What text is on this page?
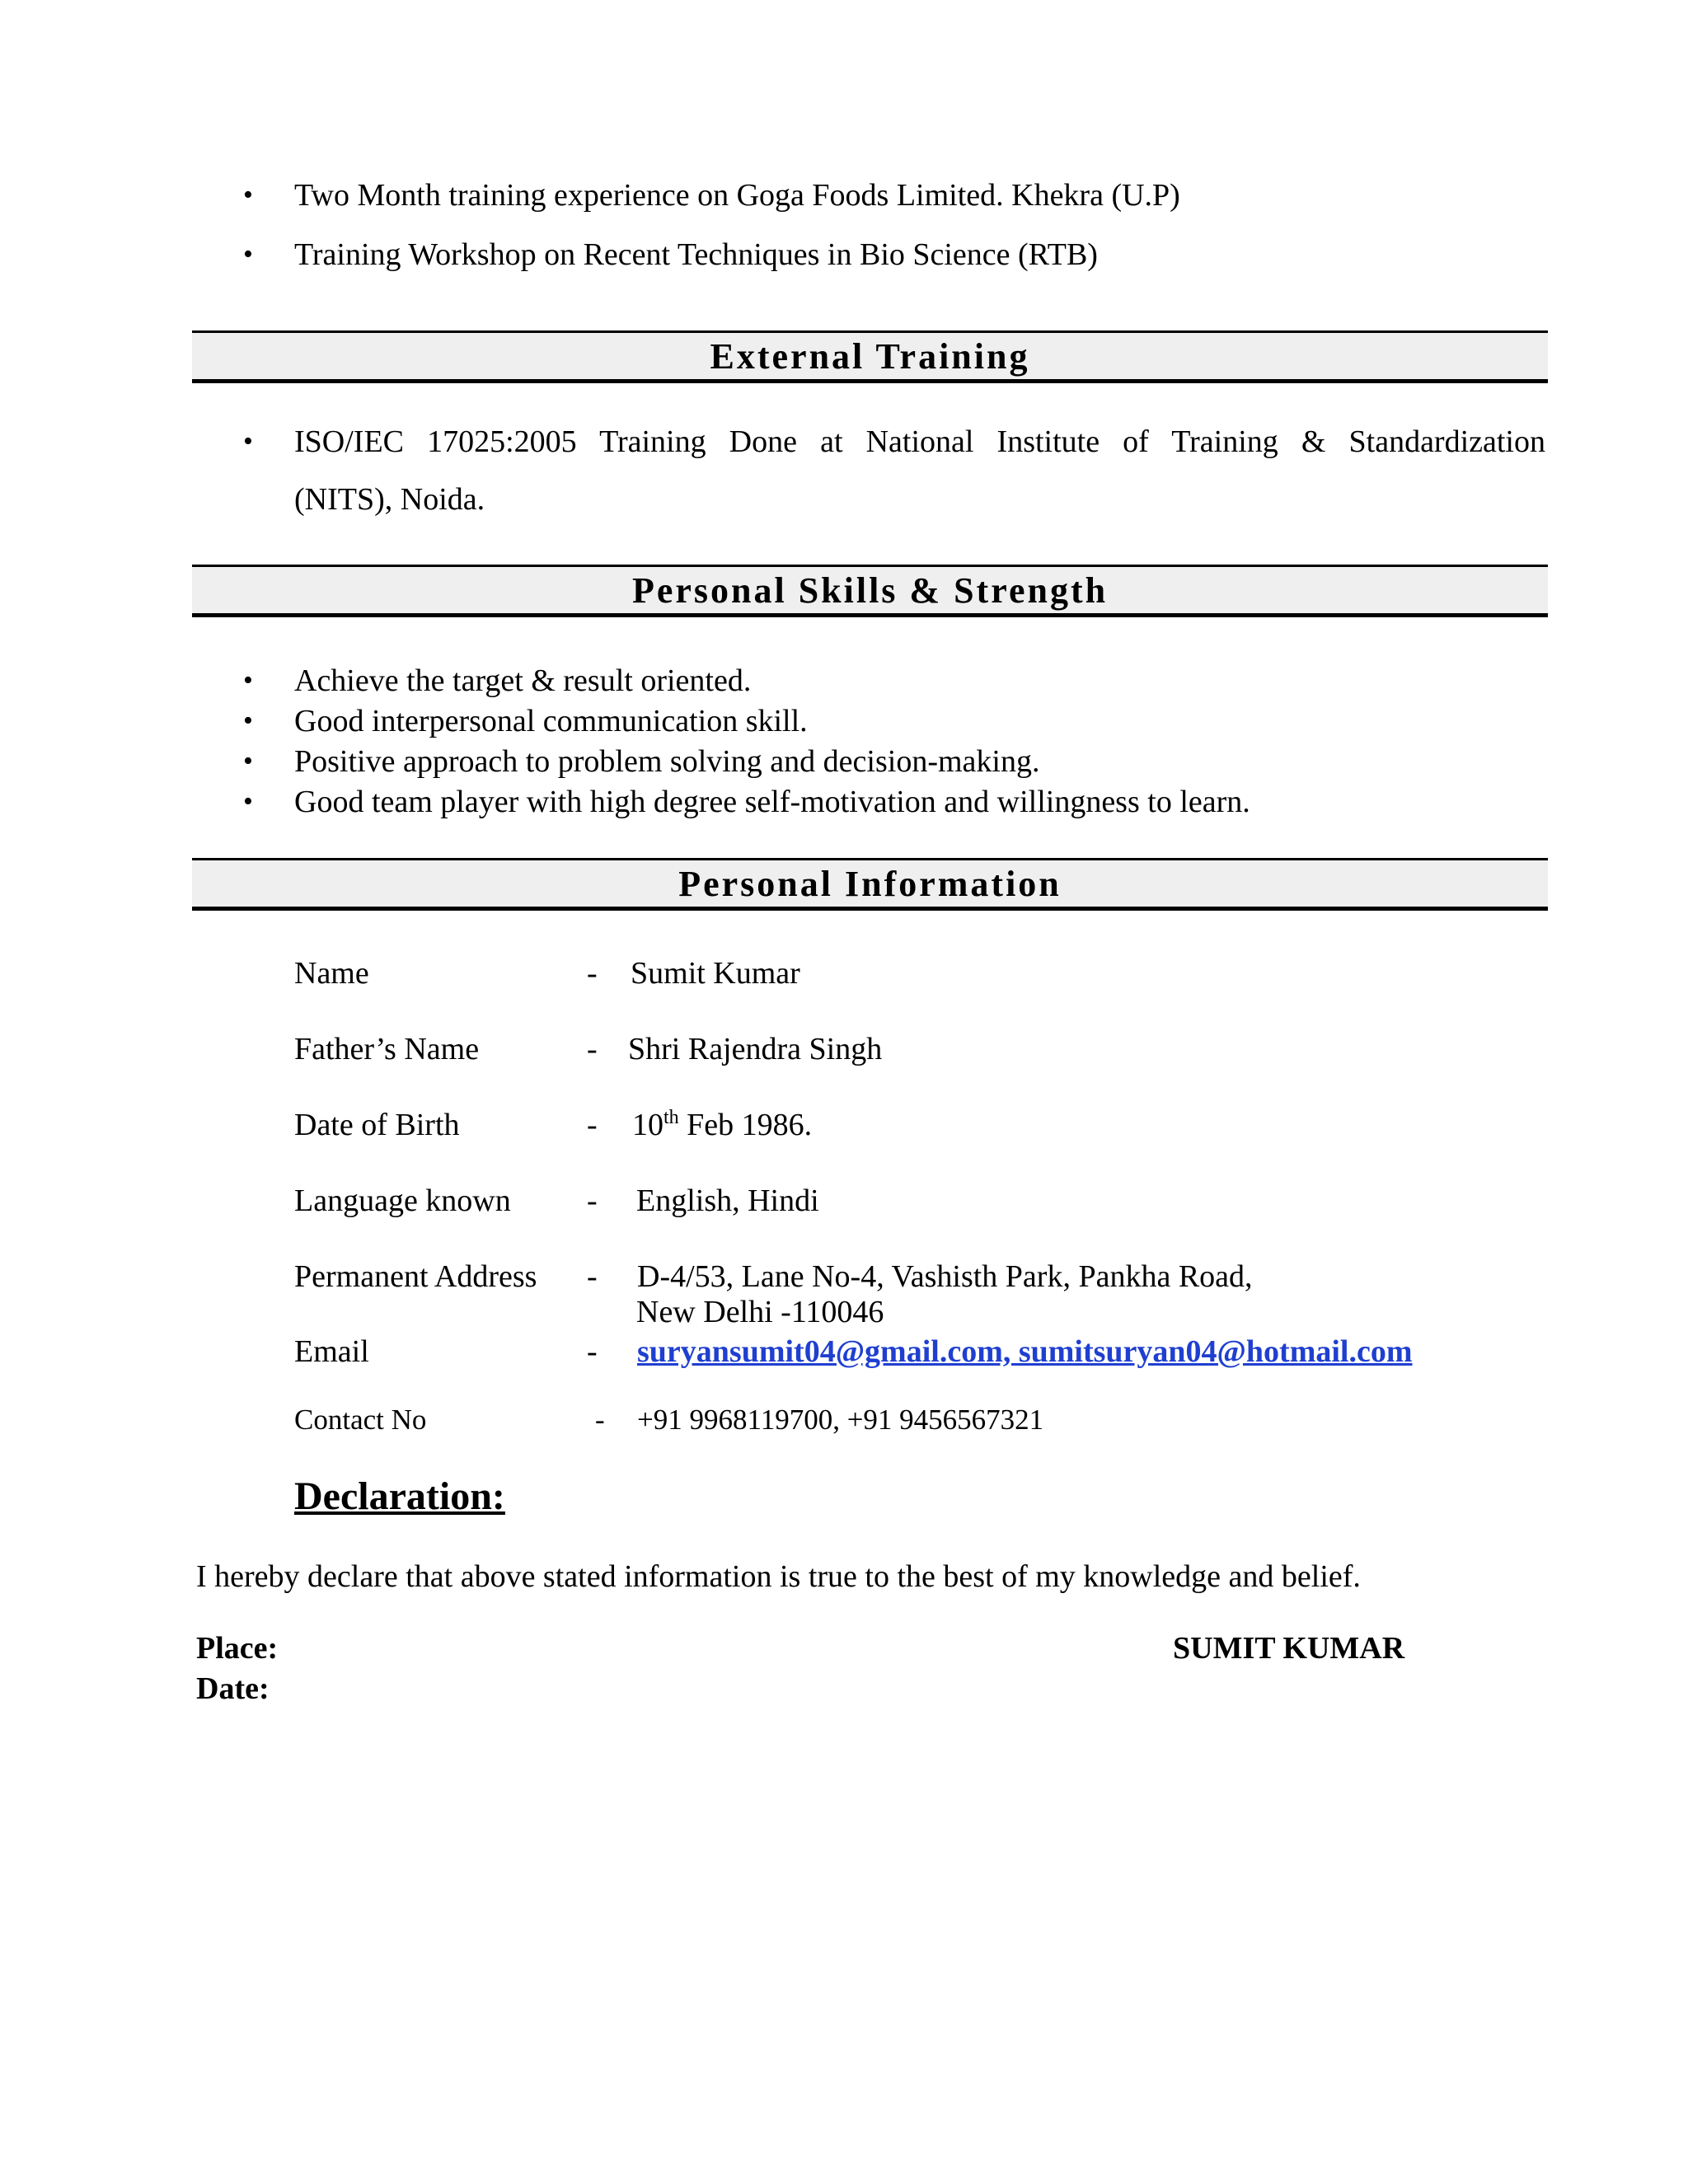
• Two Month training experience on Goga Foods Limited. Khekra (U.P)
• Training Workshop on Recent Techniques in Bio Science (RTB)
External Training
• ISO/IEC 17025:2005 Training Done at National Institute of Training & Standardization
(NITS), Noida.
Personal Skills & Strength
• Achieve the target & result oriented.
• Good interpersonal communication skill.
• Positive approach to problem solving and decision-making.
• Good team player with high degree self-motivation and willingness to learn.
Personal Information
Name	- Sumit Kumar
Father’s Name	- Shri Rajendra Singh
Date of Birth	- 10th Feb 1986.
Language known - English, Hindi
Permanent Address - D-4/53, Lane No-4, Vashisth Park, Pankha Road,
New Delhi -110046
Email	- suryansumit04@gmail.com, sumitsuryan04@hotmail.com
Contact No	- +91 9968119700, +91 9456567321
Declaration:
I hereby declare that above stated information is true to the best of my knowledge and belief.
Place:
Date:
SUMIT KUMAR
